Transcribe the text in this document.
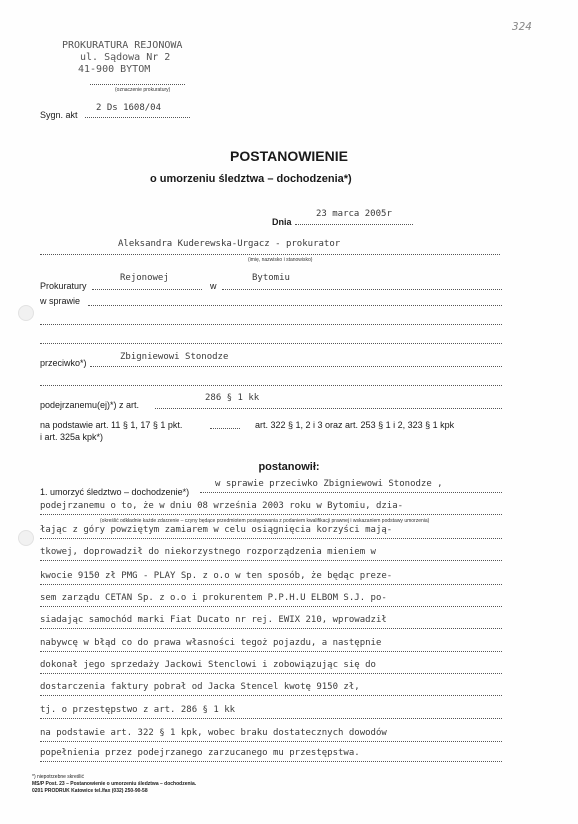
324
PROKURATURA REJONOWA
ul. Sądowa Nr 2
41-900 BYTOM
(oznaczenie prokuratury)
Sygn. akt
2 Ds 1608/04
POSTANOWIENIE
o umorzeniu śledztwa – dochodzenia*)
Dnia
23 marca 2005r
Aleksandra Kuderewska-Urgacz - prokurator
(imię, nazwisko i stanowisko)
Prokuratury
Rejonowej
w
Bytomiu
w sprawie
przeciwko*)
Zbigniewowi Stonodze
podejrzanemu(ej)*) z art.
286 § 1 kk
na podstawie art. 11 § 1, 17 § 1 pkt.	art. 322 § 1, 2 i 3 oraz art. 253 § 1 i 2, 323 § 1 kpk
i art. 325a kpk*)
postanowił:
1. umorzyć śledztwo – dochodzenie*)
(określić odkładnie każde zdarzenie – czyny będące przedmiotem postępowania z podaniem kwalifikacji prawnej i wskazaniem podstawy umorzenia)
w sprawie przeciwko Zbigniewowi Stonodze ,
podejrzanemu o to, że w dniu 08 września 2003 roku w Bytomiu, dzia-
łając z góry powziętym zamiarem w celu osiągnięcia korzyści mają-
tkowej, doprowadził do niekorzystnego rozporządzenia mieniem w
kwocie 9150 zł PMG - PLAY Sp. z o.o w ten sposób, że będąc preze-
sem zarządu CETAN Sp. z o.o i prokurentem P.P.H.U ELBOM S.J. po-
siadając samochód marki Fiat Ducato nr rej. EWIX 210, wprowadził
nabywcę w błąd co do prawa własności tegoż pojazdu, a następnie
dokonał jego sprzedaży Jackowi Stenclowi i zobowiązując się do
dostarczenia faktury pobrał od Jacka Stencel kwotę 9150 zł,
tj. o przestępstwo z art. 286 § 1 kk
na podstawie art. 322 § 1 kpk, wobec braku dostatecznych dowodów
popełnienia przez podejrzanego zarzucanego mu przestępstwa.
*) niepotrzebne skreślić
MS/P Post. 23 – Postanowienie o umorzeniu śledztwa – dochodzenia.
0201 PRODRUK Katowice tel./fax (032) 250-90-58
